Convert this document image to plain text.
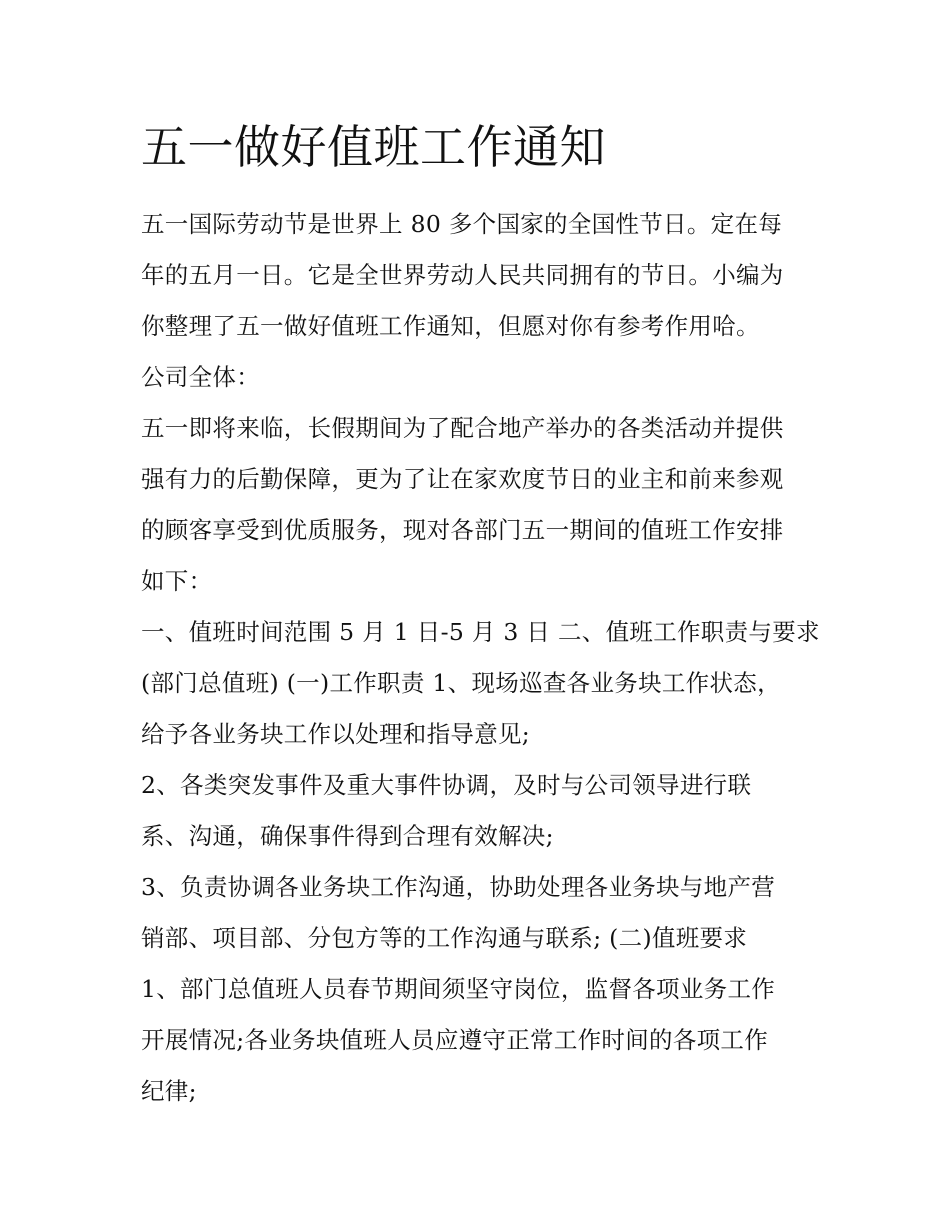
五一做好值班工作通知
五一国际劳动节是世界上 80 多个国家的全国性节日。定在每
年的五月一日。它是全世界劳动人民共同拥有的节日。小编为
你整理了五一做好值班工作通知，但愿对你有参考作用哈。
公司全体：
五一即将来临，长假期间为了配合地产举办的各类活动并提供
强有力的后勤保障，更为了让在家欢度节日的业主和前来参观
的顾客享受到优质服务，现对各部门五一期间的值班工作安排
如下：
一、值班时间范围 5 月 1 日-5 月 3 日 二、值班工作职责与要求
(部门总值班) (一)工作职责 1、现场巡查各业务块工作状态，
给予各业务块工作以处理和指导意见;
2、各类突发事件及重大事件协调，及时与公司领导进行联
系、沟通，确保事件得到合理有效解决;
3、负责协调各业务块工作沟通，协助处理各业务块与地产营
销部、项目部、分包方等的工作沟通与联系; (二)值班要求
1、部门总值班人员春节期间须坚守岗位，监督各项业务工作
开展情况;各业务块值班人员应遵守正常工作时间的各项工作
纪律;
